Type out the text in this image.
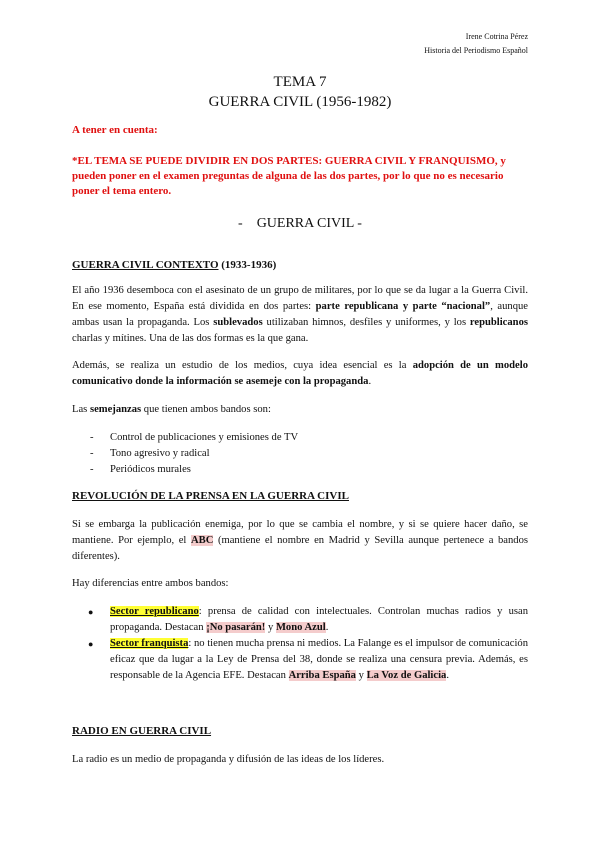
Irene Cotrina Pérez
Historia del Periodismo Español
TEMA 7
GUERRA CIVIL (1956-1982)
A tener en cuenta:
*EL TEMA SE PUEDE DIVIDIR EN DOS PARTES: GUERRA CIVIL Y FRANQUISMO, y pueden poner en el examen preguntas de alguna de las dos partes, por lo que no es necesario poner el tema entero.
-    GUERRA CIVIL -
GUERRA CIVIL CONTEXTO (1933-1936)
El año 1936 desemboca con el asesinato de un grupo de militares, por lo que se da lugar a la Guerra Civil. En ese momento, España está dividida en dos partes: parte republicana y parte “nacional”, aunque ambas usan la propaganda. Los sublevados utilizaban himnos, desfiles y uniformes, y los republicanos charlas y mítines. Una de las dos formas es la que gana.
Además, se realiza un estudio de los medios, cuya idea esencial es la adopción de un modelo comunicativo donde la información se asemeje con la propaganda.
Las semejanzas que tienen ambos bandos son:
- Control de publicaciones y emisiones de TV
- Tono agresivo y radical
- Periódicos murales
REVOLUCIÓN DE LA PRENSA EN LA GUERRA CIVIL
Si se embarga la publicación enemiga, por lo que se cambia el nombre, y si se quiere hacer daño, se mantiene. Por ejemplo, el ABC (mantiene el nombre en Madrid y Sevilla aunque pertenece a bandos diferentes).
Hay diferencias entre ambos bandos:
● Sector republicano: prensa de calidad con intelectuales. Controlan muchas radios y usan propaganda. Destacan ¡No pasarán! y Mono Azul.
● Sector franquista: no tienen mucha prensa ni medios. La Falange es el impulsor de comunicación eficaz que da lugar a la Ley de Prensa del 38, donde se realiza una censura previa. Además, es responsable de la Agencia EFE. Destacan Arriba España y La Voz de Galicia.
RADIO EN GUERRA CIVIL
La radio es un medio de propaganda y difusión de las ideas de los líderes.
